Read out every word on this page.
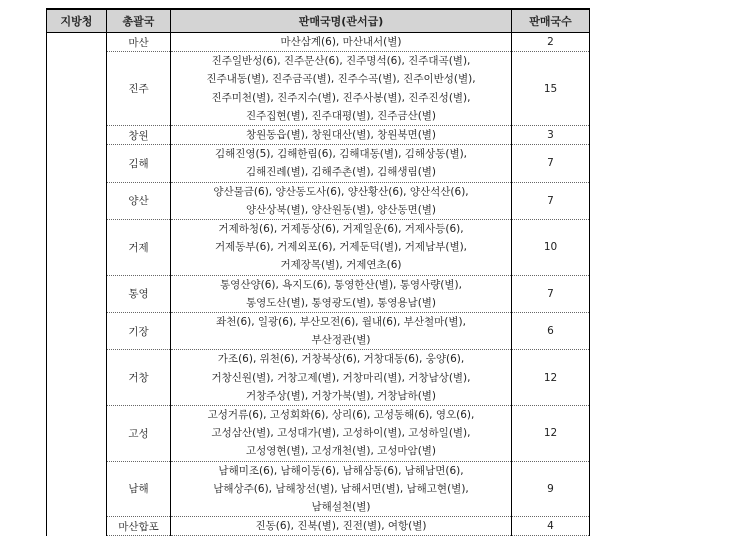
지방청	총괄국	판매국명(관서급)	판매국수
	마산	마산삼계(6), 마산내서(별)	2
	진주	진주일반성(6), 진주문산(6), 진주명석(6), 진주대곡(별),
진주내동(별), 진주금곡(별), 진주수곡(별), 진주이반성(별),
진주미천(별), 진주지수(별), 진주사봉(별), 진주진성(별),
진주집현(별), 진주대평(별), 진주금산(별)	15
	창원	창원동읍(별), 창원대산(별), 창원북면(별)	3
	김해	김해진영(5), 김해한림(6), 김해대동(별), 김해상동(별),
김해진례(별), 김해주촌(별), 김해생림(별)	7
	양산	양산물금(6), 양산동도사(6), 양산황산(6), 양산석산(6),
양산상북(별), 양산원동(별), 양산동면(별)	7
	거제	거제하청(6), 거제동상(6), 거제일운(6), 거제사등(6),
거제동부(6), 거제외포(6), 거제둔덕(별), 거제남부(별),
거제장목(별), 거제연초(6)	10
	통영	통영산양(6), 욕지도(6), 통영한산(별), 통영사량(별),
통영도산(별), 통영광도(별), 통영용남(별)	7
	기장	좌천(6), 일광(6), 부산모전(6), 월내(6), 부산철마(별),
부산정관(별)	6
	거창	가조(6), 위천(6), 거창북상(6), 거창대동(6), 웅양(6),
거창신원(별), 거창고제(별), 거창마리(별), 거창남상(별),
거창주상(별), 거창가북(별), 거창남하(별)	12
	고성	고성거류(6), 고성회화(6), 상리(6), 고성동해(6), 영오(6),
고성삼산(별), 고성대가(별), 고성하이(별), 고성하일(별),
고성영현(별), 고성개천(별), 고성마암(별)	12
	남해	남해미조(6), 남해이동(6), 남해삼동(6), 남해남면(6),
남해상주(6), 남해창선(별), 남해서면(별), 남해고현(별),
남해설천(별)	9
	마산합포	진동(6), 진북(별), 진전(별), 여항(별)	4
